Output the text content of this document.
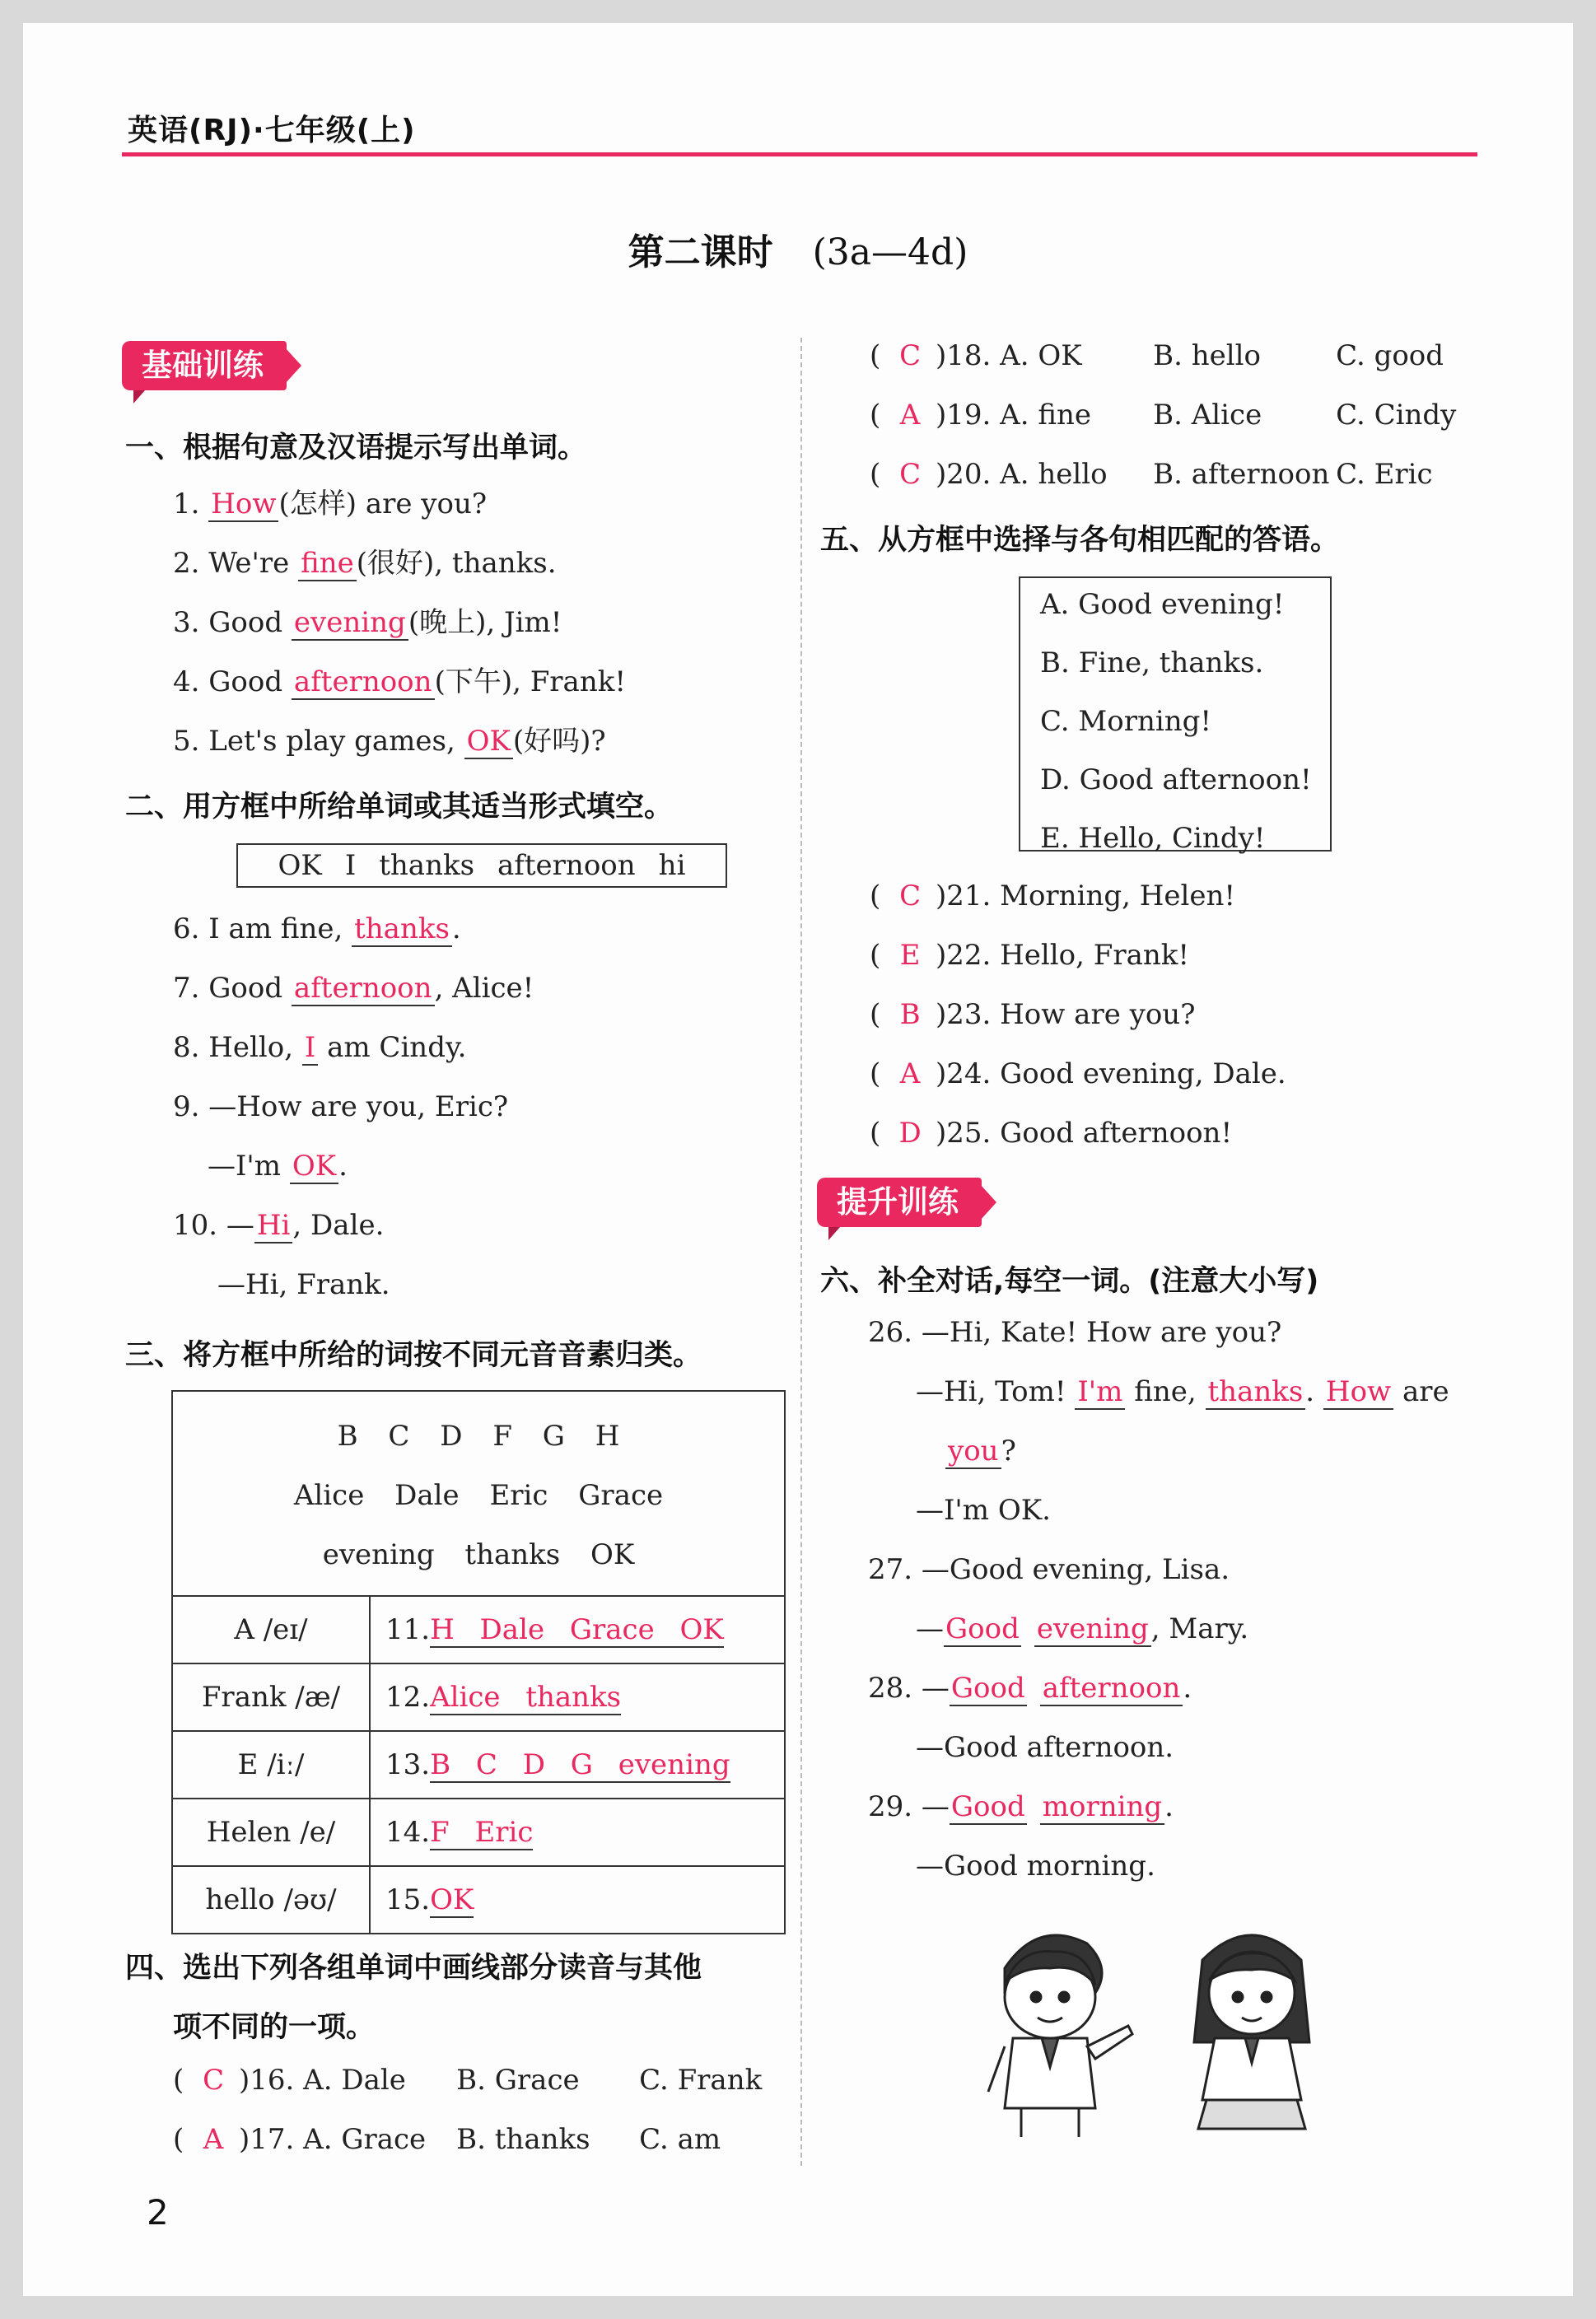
英语(RJ)·七年级(上)
第二课时 (3a—4d)
基础训练
一、根据句意及汉语提示写出单词。
1. How(怎样) are you?
2. We're fine(很好), thanks.
3. Good evening(晚上), Jim!
4. Good afternoon(下午), Frank!
5. Let's play games, OK(好吗)?
二、用方框中所给单词或其适当形式填空。
OK I thanks afternoon hi
6. I am fine, thanks.
7. Good afternoon, Alice!
8. Hello, I am Cindy.
9. —How are you, Eric?
—I'm OK.
10. —Hi, Dale.
—Hi, Frank.
三、将方框中所给的词按不同元音音素归类。
B C D F G H
Alice Dale Eric Grace
evening thanks OK	

A /eɪ/	11.H Dale Grace OK
Frank /æ/	12.Alice thanks
E /iː/	13.B C D G evening
Helen /e/	14.F Eric
hello /əʊ/	15.OK
四、选出下列各组单词中画线部分读音与其他
项不同的一项。
( C )16. A. Dale B. Grace C. Frank
( A )17. A. Grace B. thanks C. am
( C )18. A. OK	B. hello	C. good
( A )19. A. fine B. Alice	C. Cindy
( C )20. A. hello B. afternoon C. Eric
五、从方框中选择与各句相匹配的答语。
A. Good evening!
B. Fine, thanks.
C. Morning!
D. Good afternoon!
E. Hello, Cindy!
( C )21. Morning, Helen!
( E )22. Hello, Frank!
( B )23. How are you?
( A )24. Good evening, Dale.
( D )25. Good afternoon!
提升训练
六、补全对话,每空一词。(注意大小写)
26. —Hi, Kate! How are you?
—Hi, Tom! I'm fine, thanks. How are
you?
—I'm OK.
27. —Good evening, Lisa.
—Good evening, Mary.
28. —Good afternoon.
—Good afternoon.
29. —Good morning.
—Good morning.
2
